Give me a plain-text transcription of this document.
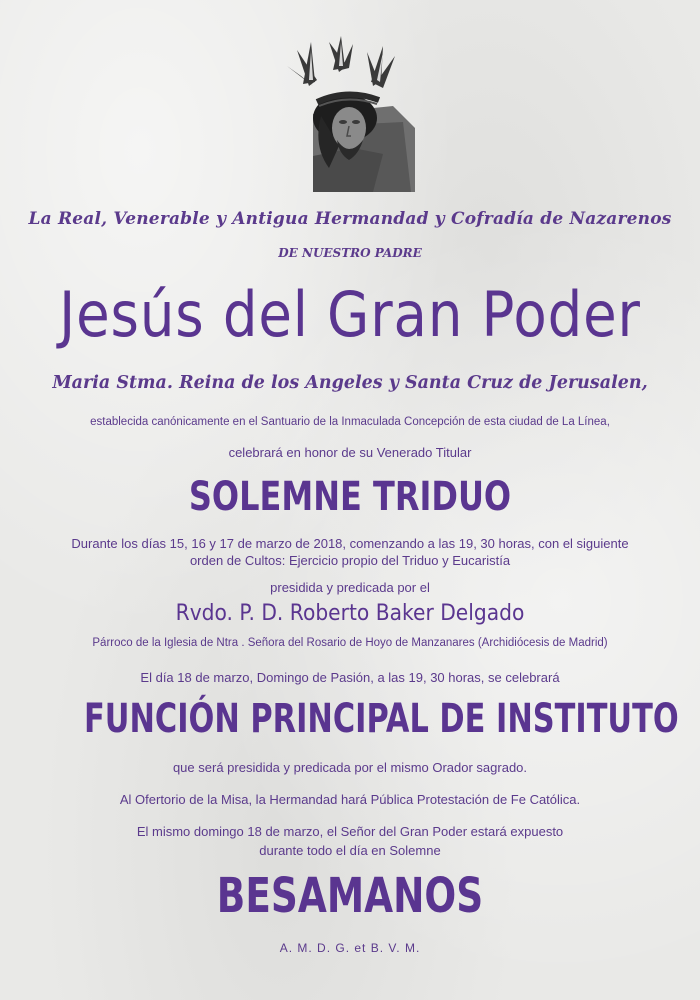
La Real, Venerable y Antigua Hermandad y Cofradía de Nazarenos
DE NUESTRO PADRE
Jesús del Gran Poder
Maria Stma. Reina de los Angeles y Santa Cruz de Jerusalen,
establecida canónicamente en el Santuario de la Inmaculada Concepción de esta ciudad de La Línea,
celebrará en honor de su Venerado Titular
SOLEMNE TRIDUO
Durante los días 15, 16 y 17 de marzo de 2018, comenzando a las 19, 30 horas, con el siguiente
orden de Cultos: Ejercicio propio del Triduo y Eucaristía
presidida y predicada por el
Rvdo. P. D. Roberto Baker Delgado
Párroco de la Iglesia de Ntra . Señora del Rosario de Hoyo de Manzanares (Archidiócesis de Madrid)
El día 18 de marzo, Domingo de Pasión, a las 19, 30 horas, se celebrará
FUNCIÓN PRINCIPAL DE INSTITUTO
que será presidida y predicada por el mismo Orador sagrado.
Al Ofertorio de la Misa, la Hermandad hará Pública Protestación de Fe Católica.
El mismo domingo 18 de marzo, el Señor del Gran Poder estará expuesto
durante todo el día en Solemne
BESAMANOS
A. M. D. G. et B. V. M.
